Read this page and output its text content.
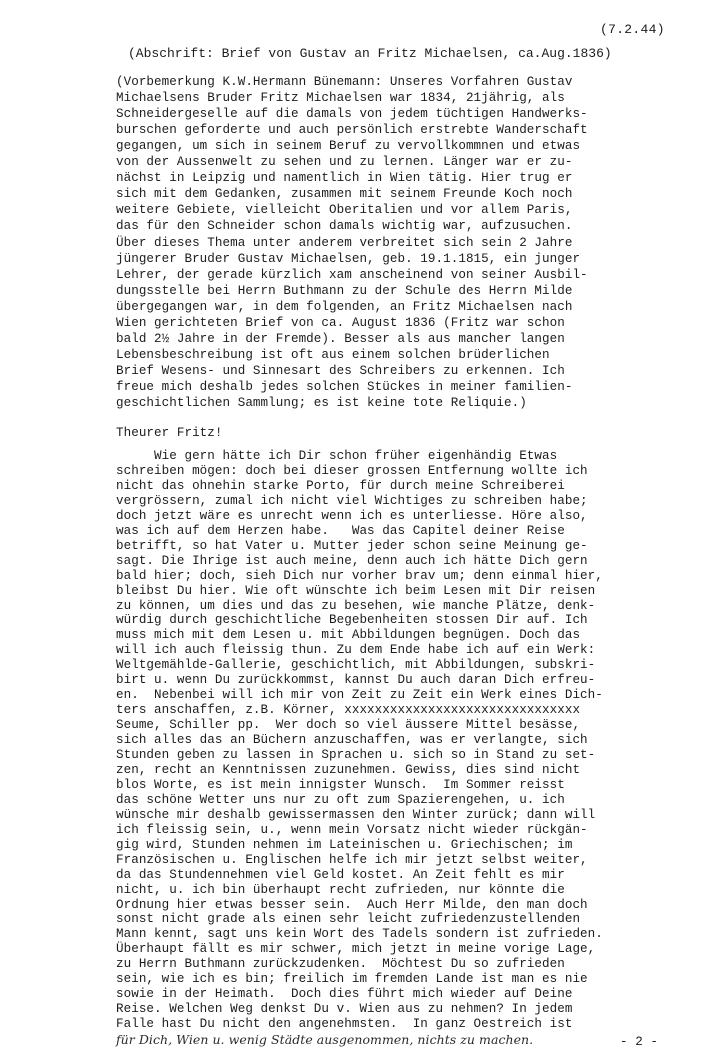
(7.2.44)
(Abschrift: Brief von Gustav an Fritz Michaelsen, ca.Aug.1836)
(Vorbemerkung K.W.Hermann Bünemann: Unseres Vorfahren Gustav
Michaelsens Bruder Fritz Michaelsen war 1834, 21jährig, als
Schneidergeselle auf die damals von jedem tüchtigen Handwerks-
burschen geforderte und auch persönlich erstrebte Wanderschaft
gegangen, um sich in seinem Beruf zu vervollkommnen und etwas
von der Aussenwelt zu sehen und zu lernen. Länger war er zu-
nächst in Leipzig und namentlich in Wien tätig. Hier trug er
sich mit dem Gedanken, zusammen mit seinem Freunde Koch noch
weitere Gebiete, vielleicht Oberitalien und vor allem Paris,
das für den Schneider schon damals wichtig war, aufzusuchen.
Über dieses Thema unter anderem verbreitet sich sein 2 Jahre
jüngerer Bruder Gustav Michaelsen, geb. 19.1.1815, ein junger
Lehrer, der gerade kürzlich xam anscheinend von seiner Ausbil-
dungsstelle bei Herrn Buthmann zu der Schule des Herrn Milde
übergegangen war, in dem folgenden, an Fritz Michaelsen nach
Wien gerichteten Brief von ca. August 1836 (Fritz war schon
bald 2½ Jahre in der Fremde). Besser als aus mancher langen
Lebensbeschreibung ist oft aus einem solchen brüderlichen
Brief Wesens- und Sinnesart des Schreibers zu erkennen. Ich
freue mich deshalb jedes solchen Stückes in meiner familien-
geschichtlichen Sammlung; es ist keine tote Reliquie.)
Theurer Fritz!
Wie gern hätte ich Dir schon früher eigenhändig Etwas
schreiben mögen: doch bei dieser grossen Entfernung wollte ich
nicht das ohnehin starke Porto, für durch meine Schreiberei
vergrössern, zumal ich nicht viel Wichtiges zu schreiben habe;
doch jetzt wäre es unrecht wenn ich es unterliesse. Höre also,
was ich auf dem Herzen habe.   Was das Capitel deiner Reise
betrifft, so hat Vater u. Mutter jeder schon seine Meinung ge-
sagt. Die Ihrige ist auch meine, denn auch ich hätte Dich gern
bald hier; doch, sieh Dich nur vorher brav um; denn einmal hier,
bleibst Du hier. Wie oft wünschte ich beim Lesen mit Dir reisen
zu können, um dies und das zu besehen, wie manche Plätze, denk-
würdig durch geschichtliche Begebenheiten stossen Dir auf. Ich
muss mich mit dem Lesen u. mit Abbildungen begnügen. Doch das
will ich auch fleissig thun. Zu dem Ende habe ich auf ein Werk:
Weltgemählde-Gallerie, geschichtlich, mit Abbildungen, subskri-
birt u. wenn Du zurückkommst, kannst Du auch daran Dich erfreu-
en.  Nebenbei will ich mir von Zeit zu Zeit ein Werk eines Dich-
ters anschaffen, z.B. Körner, xxxxxxxxxxxxxxxxxxxxxxxxxxxxxxx
Seume, Schiller pp.  Wer doch so viel äussere Mittel besässe,
sich alles das an Büchern anzuschaffen, was er verlangte, sich
Stunden geben zu lassen in Sprachen u. sich so in Stand zu set-
zen, recht an Kenntnissen zuzunehmen. Gewiss, dies sind nicht
blos Worte, es ist mein innigster Wunsch.  Im Sommer reisst
das schöne Wetter uns nur zu oft zum Spazierengehen, u. ich
wünsche mir deshalb gewissermassen den Winter zurück; dann will
ich fleissig sein, u., wenn mein Vorsatz nicht wieder rückgän-
gig wird, Stunden nehmen im Lateinischen u. Griechischen; im
Französischen u. Englischen helfe ich mir jetzt selbst weiter,
da das Stundennehmen viel Geld kostet. An Zeit fehlt es mir
nicht, u. ich bin überhaupt recht zufrieden, nur könnte die
Ordnung hier etwas besser sein.  Auch Herr Milde, den man doch
sonst nicht grade als einen sehr leicht zufriedenzustellenden
Mann kennt, sagt uns kein Wort des Tadels sondern ist zufrieden.
Überhaupt fällt es mir schwer, mich jetzt in meine vorige Lage,
zu Herrn Buthmann zurückzudenken.  Möchtest Du so zufrieden
sein, wie ich es bin; freilich im fremden Lande ist man es nie
sowie in der Heimath.  Doch dies führt mich wieder auf Deine
Reise. Welchen Weg denkst Du v. Wien aus zu nehmen? In jedem
Falle hast Du nicht den angenehmsten.  In ganz Oestreich ist
für Dich, Wien u. wenig Städte ausgenommen, nichts zu machen.	- 2 -
